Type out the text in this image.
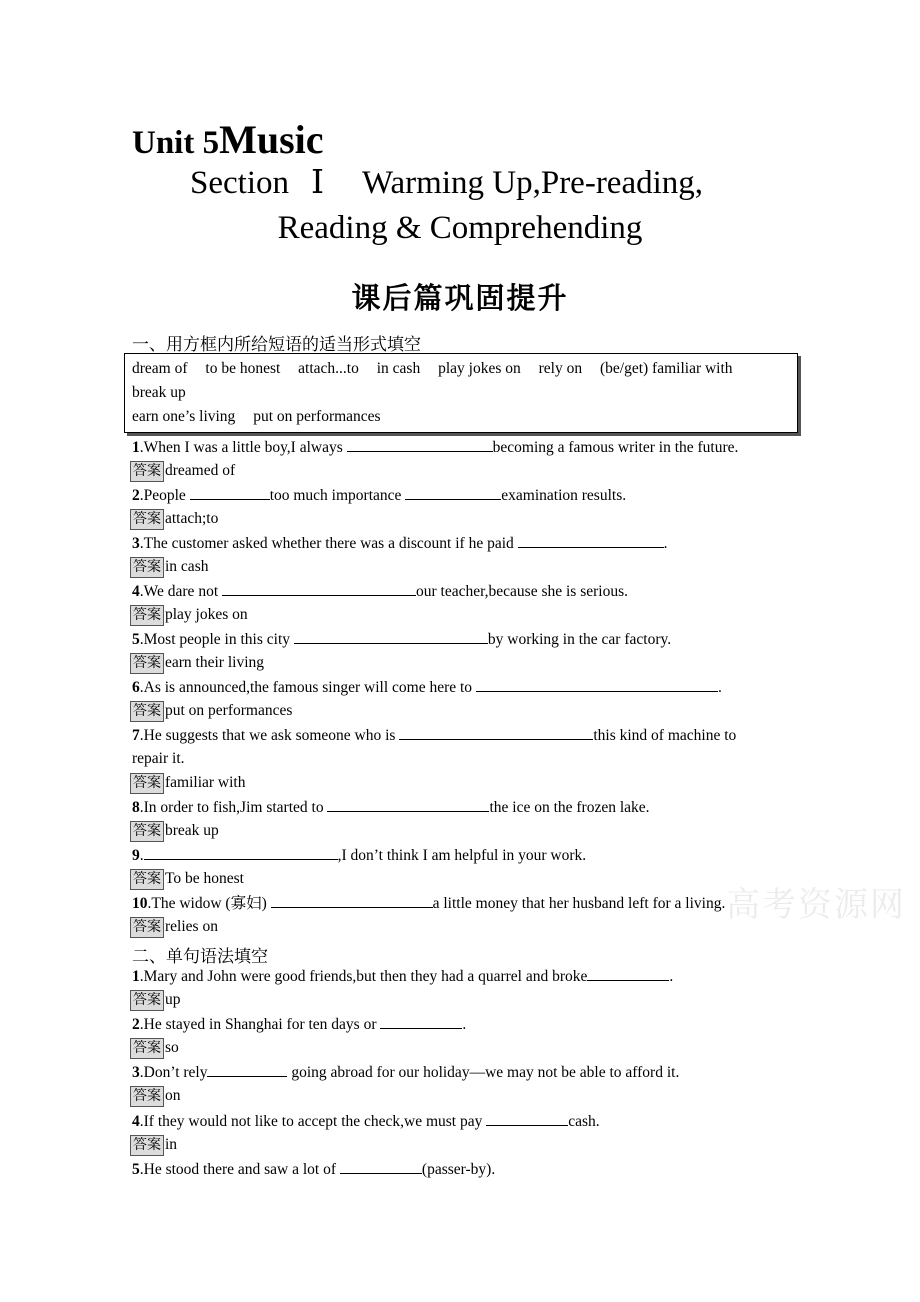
Unit 5Music
Section Ⅰ Warming Up,Pre-reading,
Reading & Comprehending
课后篇巩固提升
一、用方框内所给短语的适当形式填空
dream of to be honest attach...to in cash play jokes on rely on (be/get) familiar with
break up
earn one’s living put on performances
1.When I was a little boy,I always	becoming a famous writer in the future.
答案 dreamed of
2.People	too much importance	examination results.
答案 attach;to
3.The customer asked whether there was a discount if he paid	.
答案 in cash
4.We dare not	our teacher,because she is serious.
答案 play jokes on
5.Most people in this city	by working in the car factory.
答案 earn their living
6.As is announced,the famous singer will come here to	.
答案 put on performances
7.He suggests that we ask someone who is	this kind of machine to
repair it.
答案 familiar with
8.In order to fish,Jim started to	the ice on the frozen lake.
答案 break up
9.	,I don’t think I am helpful in your work.
答案 To be honest
10.The widow (寡妇)	a little money that her husband left for a living.
答案 relies on
二、单句语法填空
1.Mary and John were good friends,but then they had a quarrel and broke	.
答案 up
2.He stayed in Shanghai for ten days or	.
答案 so
3.Don’t rely	going abroad for our holiday—we may not be able to afford it.
答案 on
4.If they would not like to accept the check,we must pay	cash.
答案 in
5.He stood there and saw a lot of	(passer-by).
高考资源网
